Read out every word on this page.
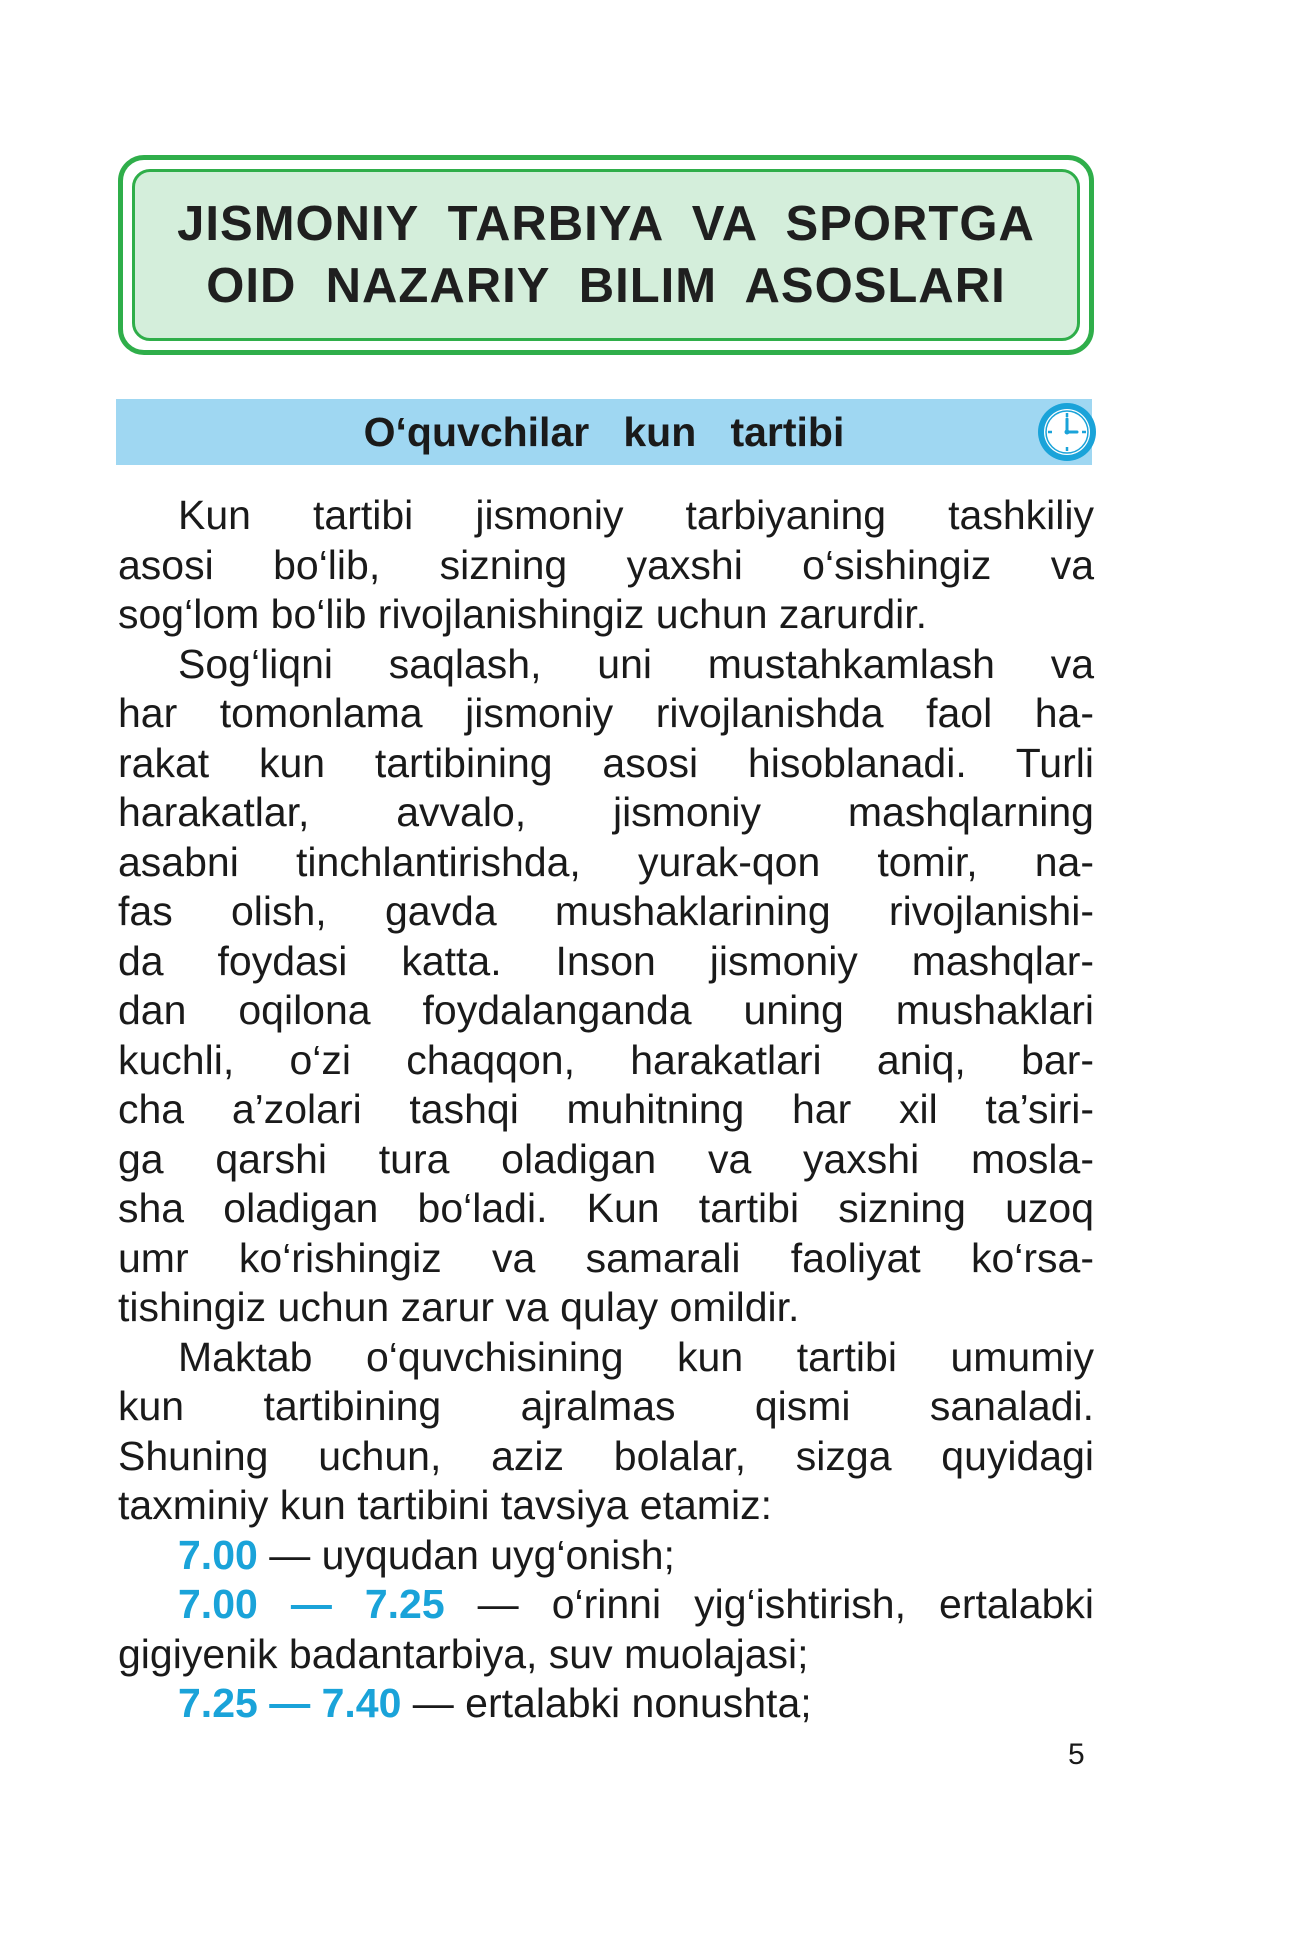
JISMONIY  TARBIYA  VA  SPORTGA
OID  NAZARIY  BILIM  ASOSLARI
O‘quvchilar   kun   tartibi
Kun tartibi jismoniy tarbiyaning tashkiliy
asosi bo‘lib, sizning yaxshi o‘sishingiz va
sog‘lom bo‘lib rivojlanishingiz uchun zarurdir.
Sog‘liqni saqlash, uni mustahkamlash va
har tomonlama jismoniy rivojlanishda faol ha-
rakat kun tartibining asosi hisoblanadi. Turli
harakatlar, avvalo, jismoniy mashqlarning
asabni tinchlantirishda, yurak-qon tomir, na-
fas olish, gavda mushaklarining rivojlanishi-
da foydasi katta. Inson jismoniy mashqlar-
dan oqilona foydalanganda uning mushaklari
kuchli, o‘zi chaqqon, harakatlari aniq, bar-
cha a’zolari tashqi muhitning har xil ta’siri-
ga qarshi tura oladigan va yaxshi mosla-
sha oladigan bo‘ladi. Kun tartibi sizning uzoq
umr ko‘rishingiz va samarali faoliyat ko‘rsa-
tishingiz uchun zarur va qulay omildir.
Maktab o‘quvchisining kun tartibi umumiy
kun tartibining ajralmas qismi sanaladi.
Shuning uchun, aziz bolalar, sizga quyidagi
taxminiy kun tartibini tavsiya etamiz:
7.00 — uyqudan uyg‘onish;
7.00 — 7.25 — o‘rinni yig‘ishtirish, ertalabki
gigiyenik badantarbiya, suv muolajasi;
7.25 — 7.40 — ertalabki nonushta;
5
